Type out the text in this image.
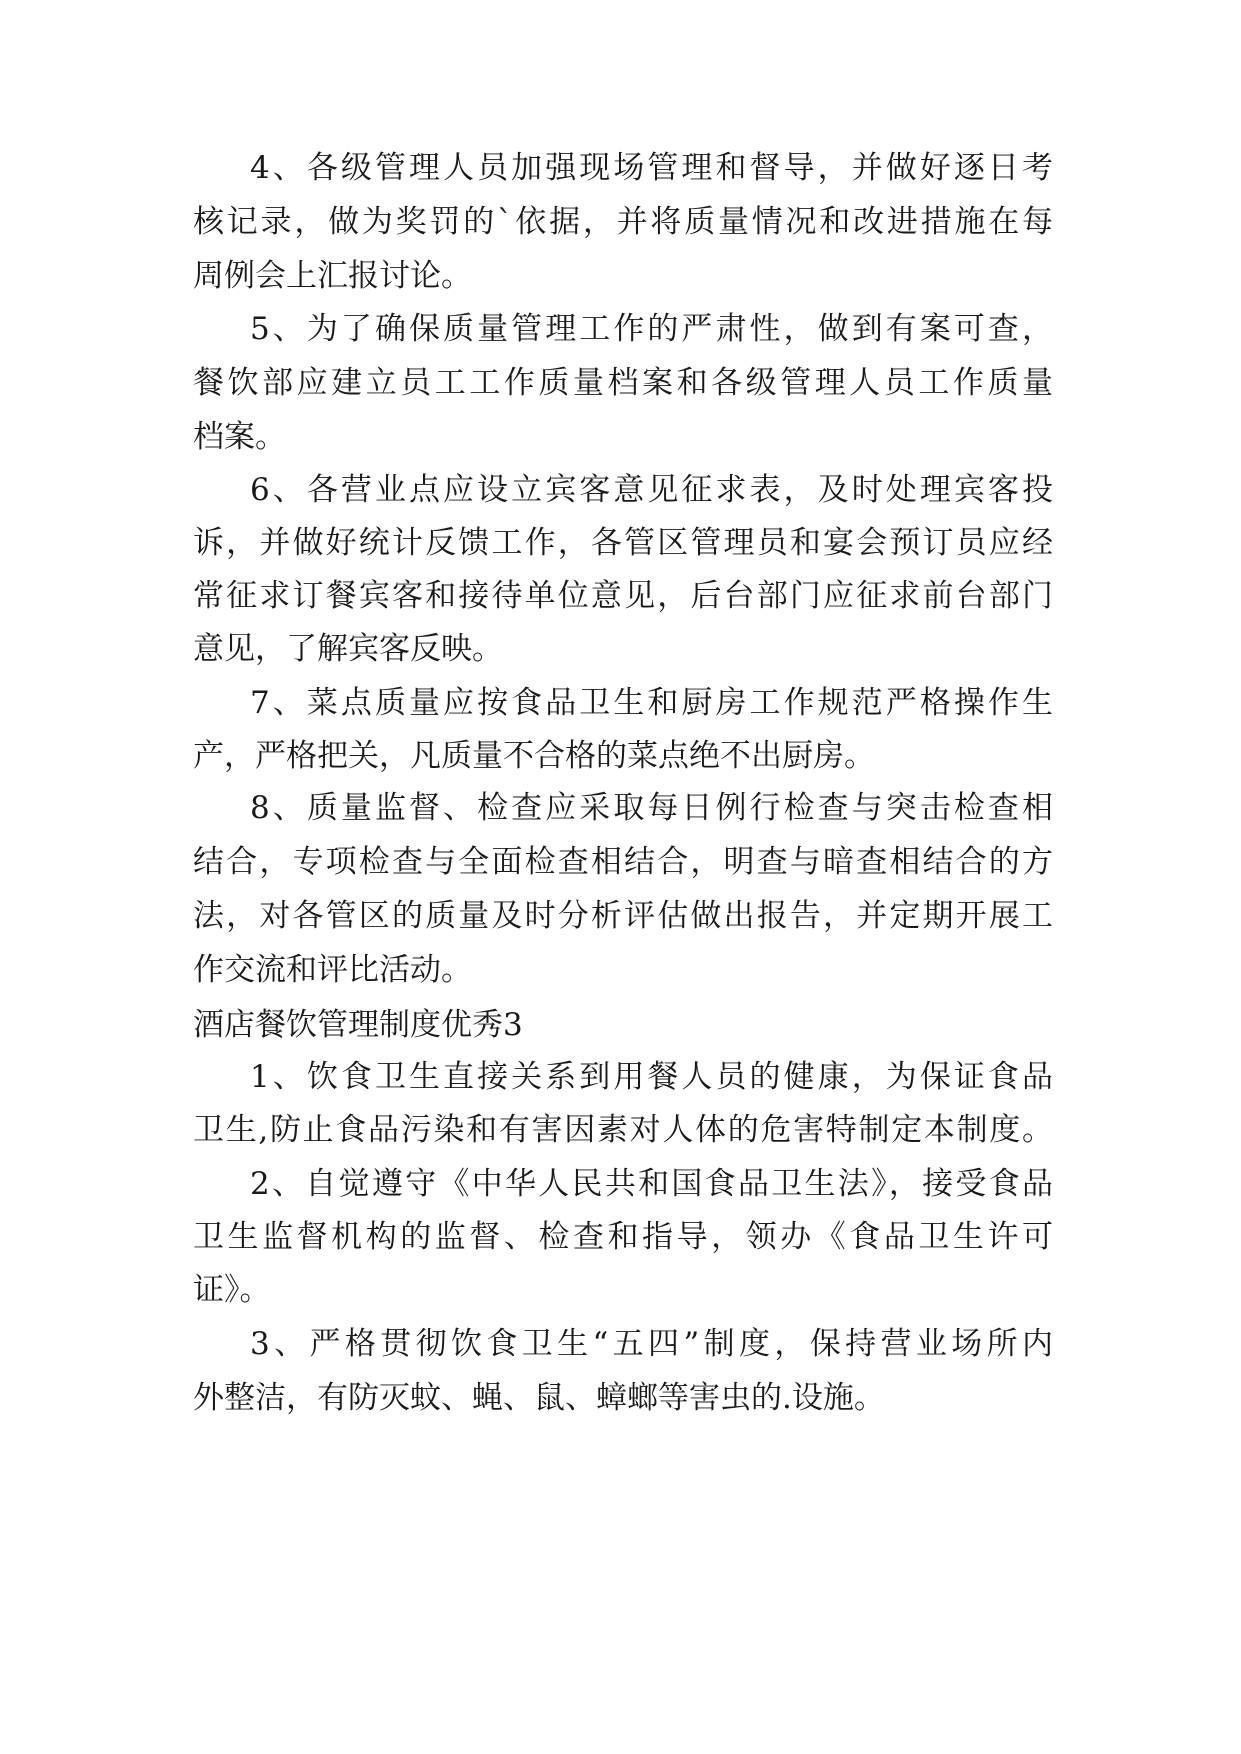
4、各级管理人员加强现场管理和督导，并做好逐日考

核记录，做为奖罚的`依据，并将质量情况和改进措施在每

周例会上汇报讨论。

5、为了确保质量管理工作的严肃性，做到有案可查，

餐饮部应建立员工工作质量档案和各级管理人员工作质量

档案。

6、各营业点应设立宾客意见征求表，及时处理宾客投

诉，并做好统计反馈工作，各管区管理员和宴会预订员应经

常征求订餐宾客和接待单位意见，后台部门应征求前台部门

意见，了解宾客反映。

7、菜点质量应按食品卫生和厨房工作规范严格操作生

产，严格把关，凡质量不合格的菜点绝不出厨房。

8、质量监督、检查应采取每日例行检查与突击检查相

结合，专项检查与全面检查相结合，明查与暗查相结合的方

法，对各管区的质量及时分析评估做出报告，并定期开展工

作交流和评比活动。

酒店餐饮管理制度优秀3

1、饮食卫生直接关系到用餐人员的健康，为保证食品

卫生,防止食品污染和有害因素对人体的危害特制定本制度。

2、自觉遵守《中华人民共和国食品卫生法》，接受食品

卫生监督机构的监督、检查和指导，领办《食品卫生许可

证》。

3、严格贯彻饮食卫生“五四”制度，保持营业场所内

外整洁，有防灭蚊、蝇、鼠、蟑螂等害虫的.设施。
